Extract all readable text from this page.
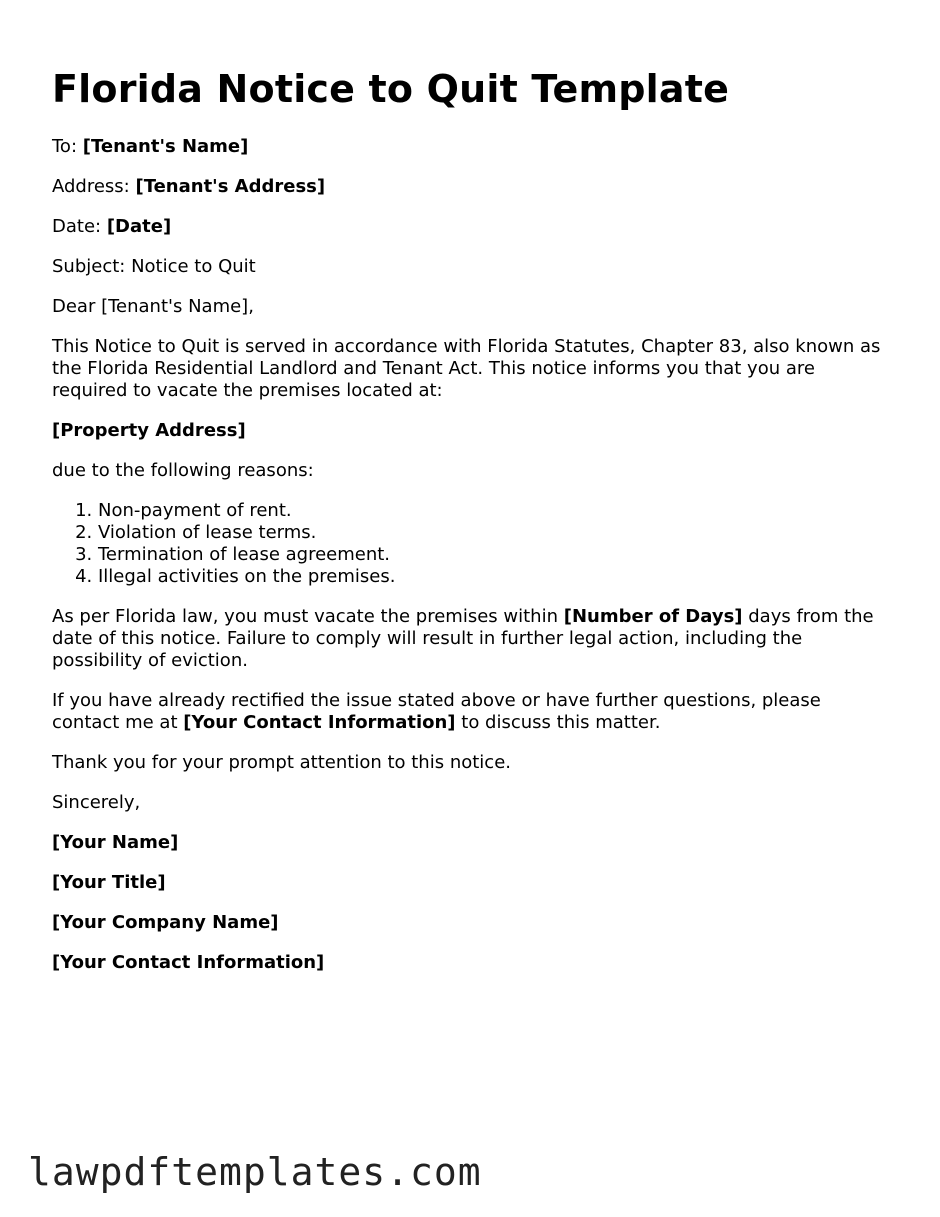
Florida Notice to Quit Template

To: [Tenant's Name]

Address: [Tenant's Address]

Date: [Date]

Subject: Notice to Quit

Dear [Tenant's Name],

This Notice to Quit is served in accordance with Florida Statutes, Chapter 83, also known as the Florida Residential Landlord and Tenant Act. This notice informs you that you are required to vacate the premises located at:

[Property Address]

due to the following reasons:

1. Non-payment of rent.
2. Violation of lease terms.
3. Termination of lease agreement.
4. Illegal activities on the premises.

As per Florida law, you must vacate the premises within [Number of Days] days from the date of this notice. Failure to comply will result in further legal action, including the possibility of eviction.

If you have already rectified the issue stated above or have further questions, please contact me at [Your Contact Information] to discuss this matter.

Thank you for your prompt attention to this notice.

Sincerely,

[Your Name]

[Your Title]

[Your Company Name]

[Your Contact Information]

lawpdftemplates.com
